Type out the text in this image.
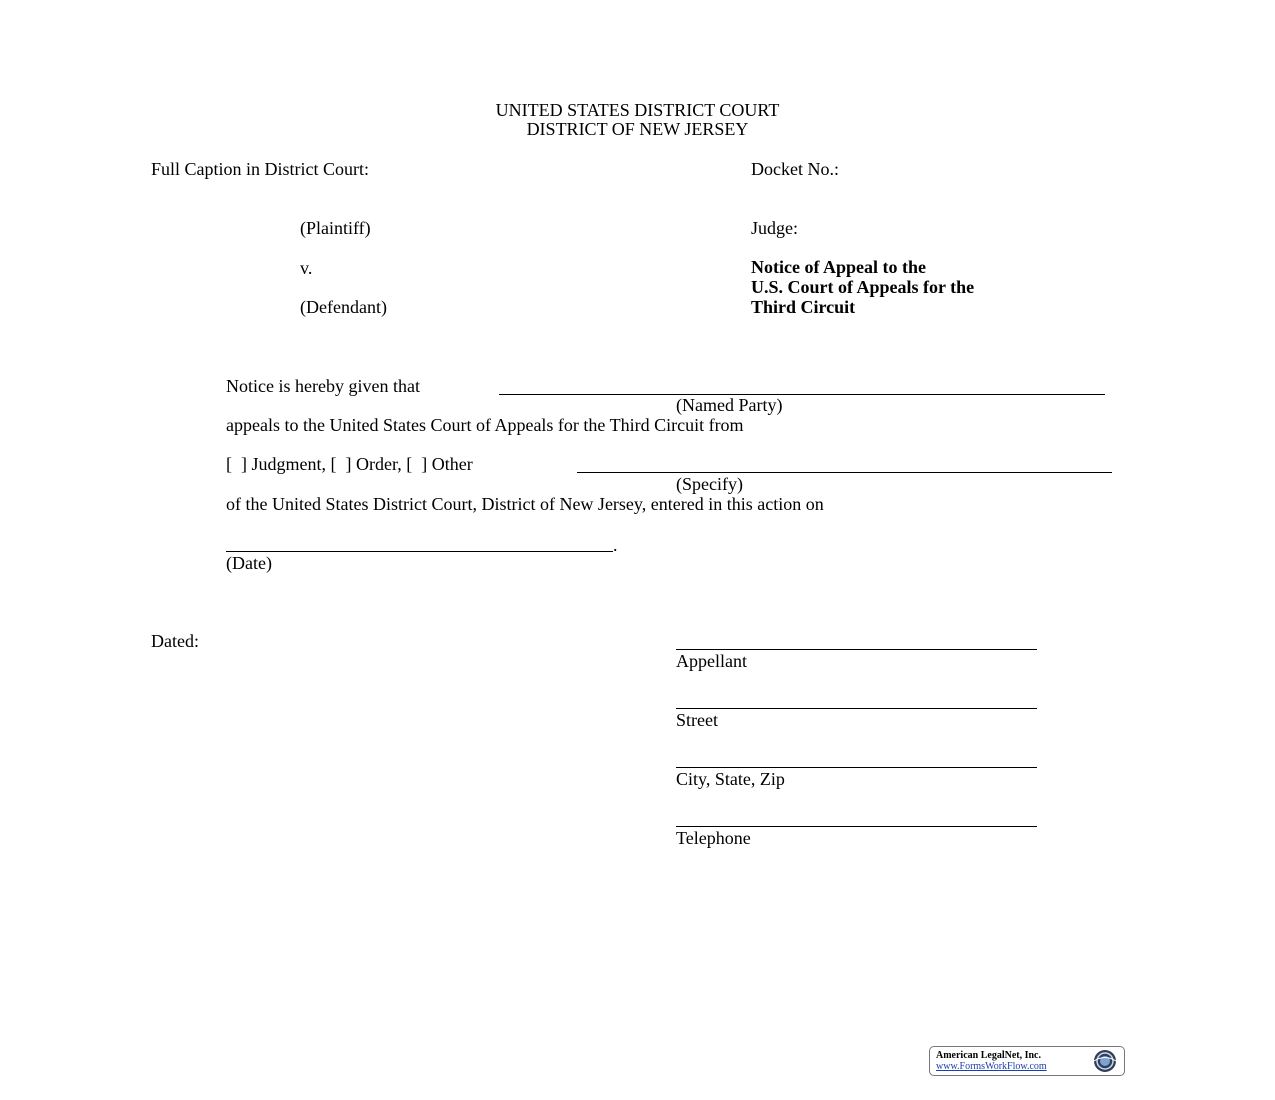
UNITED STATES DISTRICT COURT
DISTRICT OF NEW JERSEY
Full Caption in District Court:
(Plaintiff)
v.
(Defendant)
Docket No.:
Judge:
Notice of Appeal to the
U.S. Court of Appeals for the
Third Circuit
Notice is hereby given that
(Named Party)
appeals to the United States Court of Appeals for the Third Circuit from
[  ] Judgment, [  ] Order, [  ] Other
(Specify)
of the United States District Court, District of New Jersey, entered in this action on
.
(Date)
Dated:
Appellant
Street
City, State, Zip
Telephone
American LegalNet, Inc.
www.FormsWorkFlow.com
